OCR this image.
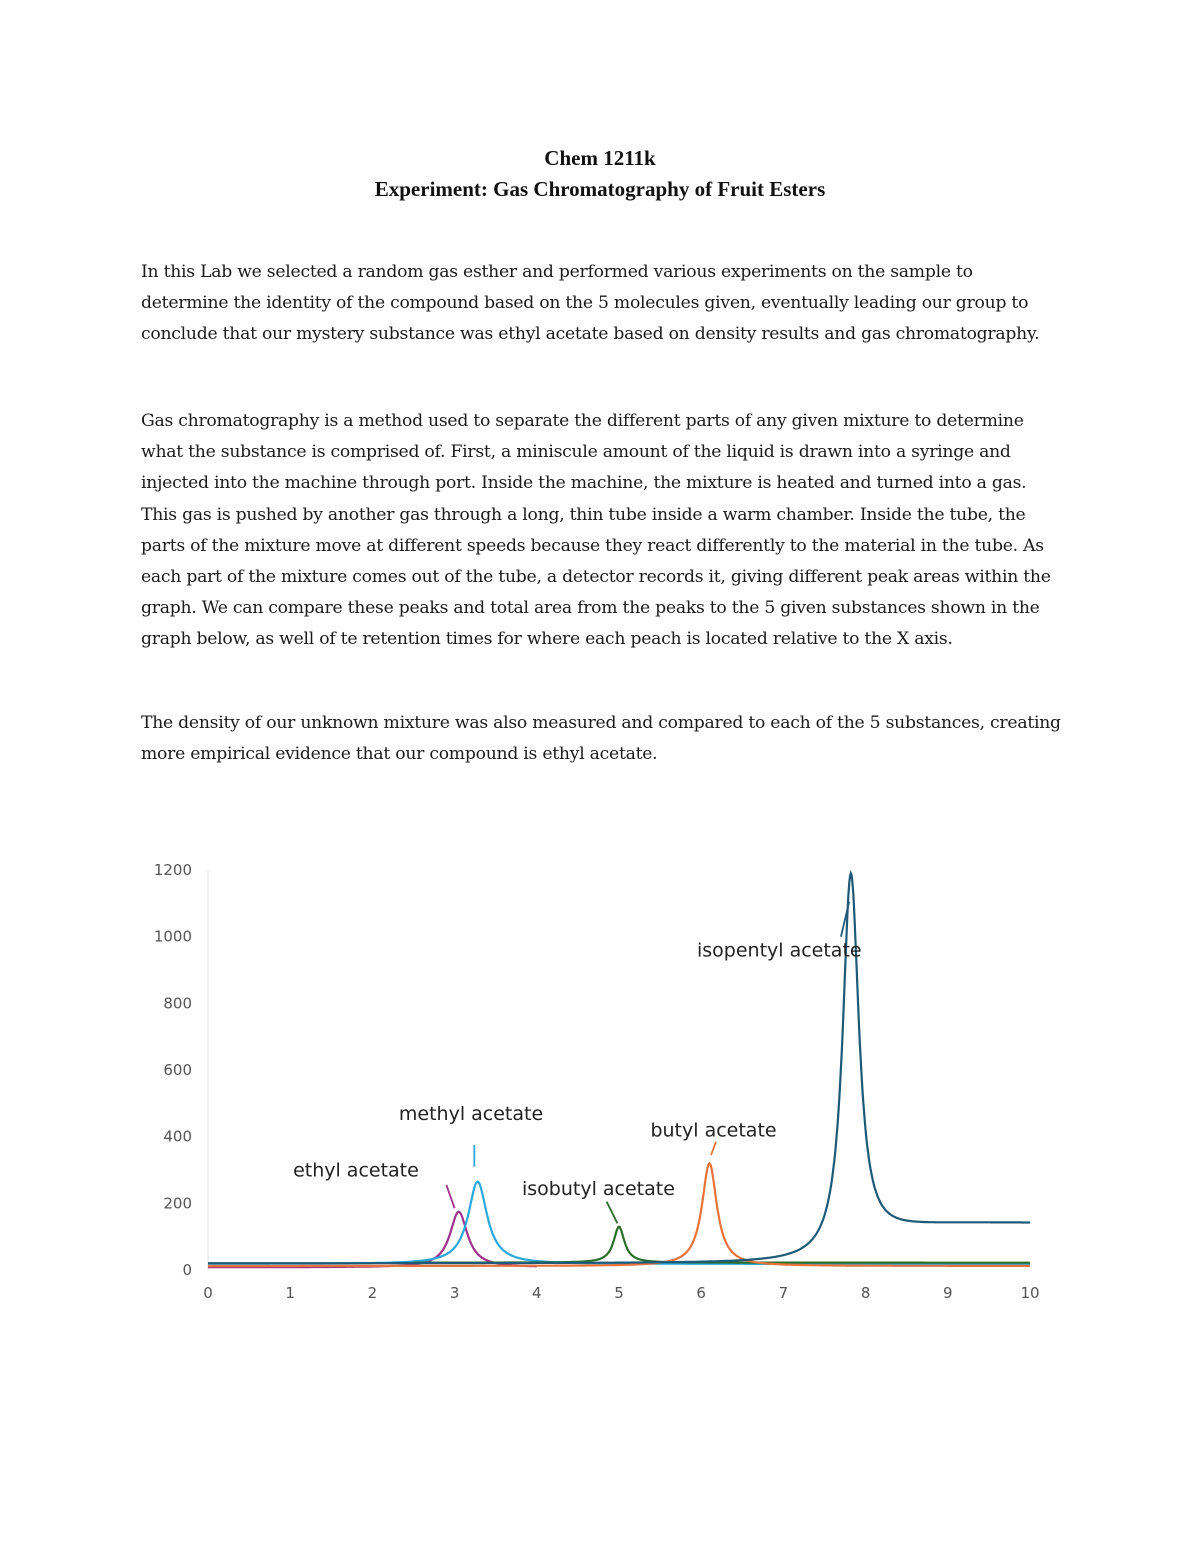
Chem 1211k
Experiment: Gas Chromatography of Fruit Esters

In this Lab we selected a random gas esther and performed various experiments on the sample to determine the identity of the compound based on the 5 molecules given, eventually leading our group to conclude that our mystery substance was ethyl acetate based on density results and gas chromatography.

Gas chromatography is a method used to separate the different parts of any given mixture to determine what the substance is comprised of. First, a miniscule amount of the liquid is drawn into a syringe and injected into the machine through port. Inside the machine, the mixture is heated and turned into a gas. This gas is pushed by another gas through a long, thin tube inside a warm chamber. Inside the tube, the parts of the mixture move at different speeds because they react differently to the material in the tube. As each part of the mixture comes out of the tube, a detector records it, giving different peak areas within the graph. We can compare these peaks and total area from the peaks to the 5 given substances shown in the graph below, as well of te retention times for where each peach is located relative to the X axis.

The density of our unknown mixture was also measured and compared to each of the 5 substances, creating more empirical evidence that our compound is ethyl acetate.

0
200
400
600
800
1000
1200
0	1	2	3	4	5	6	7	8	9	10
isopentyl acetate
methyl acetate
butyl acetate
ethyl acetate
isobutyl acetate
